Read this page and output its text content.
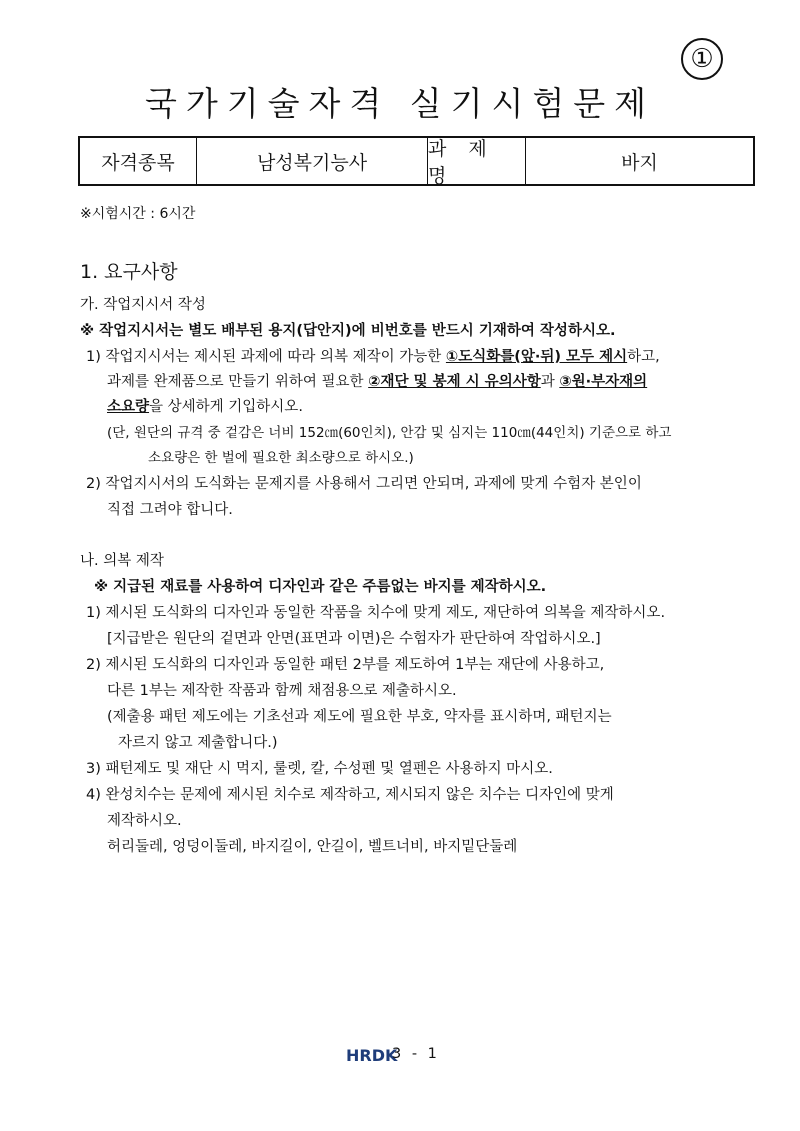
①
국가기술자격 실기시험문제
자격종목	남성복기능사
과 제 명
바지
※시험시간 : 6시간
1. 요구사항
가. 작업지시서 작성
※ 작업지시서는 별도 배부된 용지(답안지)에 비번호를 반드시 기재하여 작성하시오.
1) 작업지시서는 제시된 과제에 따라 의복 제작이 가능한 ①도식화를(앞·뒤) 모두 제시하고,
과제를 완제품으로 만들기 위하여 필요한 ②재단 및 봉제 시 유의사항과 ③원·부자재의
소요량을 상세하게 기입하시오.
(단, 원단의 규격 중 겉감은 너비 152㎝(60인치), 안감 및 심지는 110㎝(44인치) 기준으로 하고
소요량은 한 벌에 필요한 최소량으로 하시오.)
2) 작업지시서의 도식화는 문제지를 사용해서 그리면 안되며, 과제에 맞게 수험자 본인이
직접 그려야 합니다.
나. 의복 제작
※ 지급된 재료를 사용하여 디자인과 같은 주름없는 바지를 제작하시오.
1) 제시된 도식화의 디자인과 동일한 작품을 치수에 맞게 제도, 재단하여 의복을 제작하시오.
[지급받은 원단의 겉면과 안면(표면과 이면)은 수험자가 판단하여 작업하시오.]
2) 제시된 도식화의 디자인과 동일한 패턴 2부를 제도하여 1부는 재단에 사용하고,
다른 1부는 제작한 작품과 함께 채점용으로 제출하시오.
(제출용 패턴 제도에는 기초선과 제도에 필요한 부호, 약자를 표시하며, 패턴지는
자르지 않고 제출합니다.)
3) 패턴제도 및 재단 시 먹지, 룰렛, 칼, 수성펜 및 열펜은 사용하지 마시오.
4) 완성치수는 문제에 제시된 치수로 제작하고, 제시되지 않은 치수는 디자인에 맞게
제작하시오.
허리둘레, 엉덩이둘레, 바지길이, 안길이, 벨트너비, 바지밑단둘레
HRDK
3 - 1
